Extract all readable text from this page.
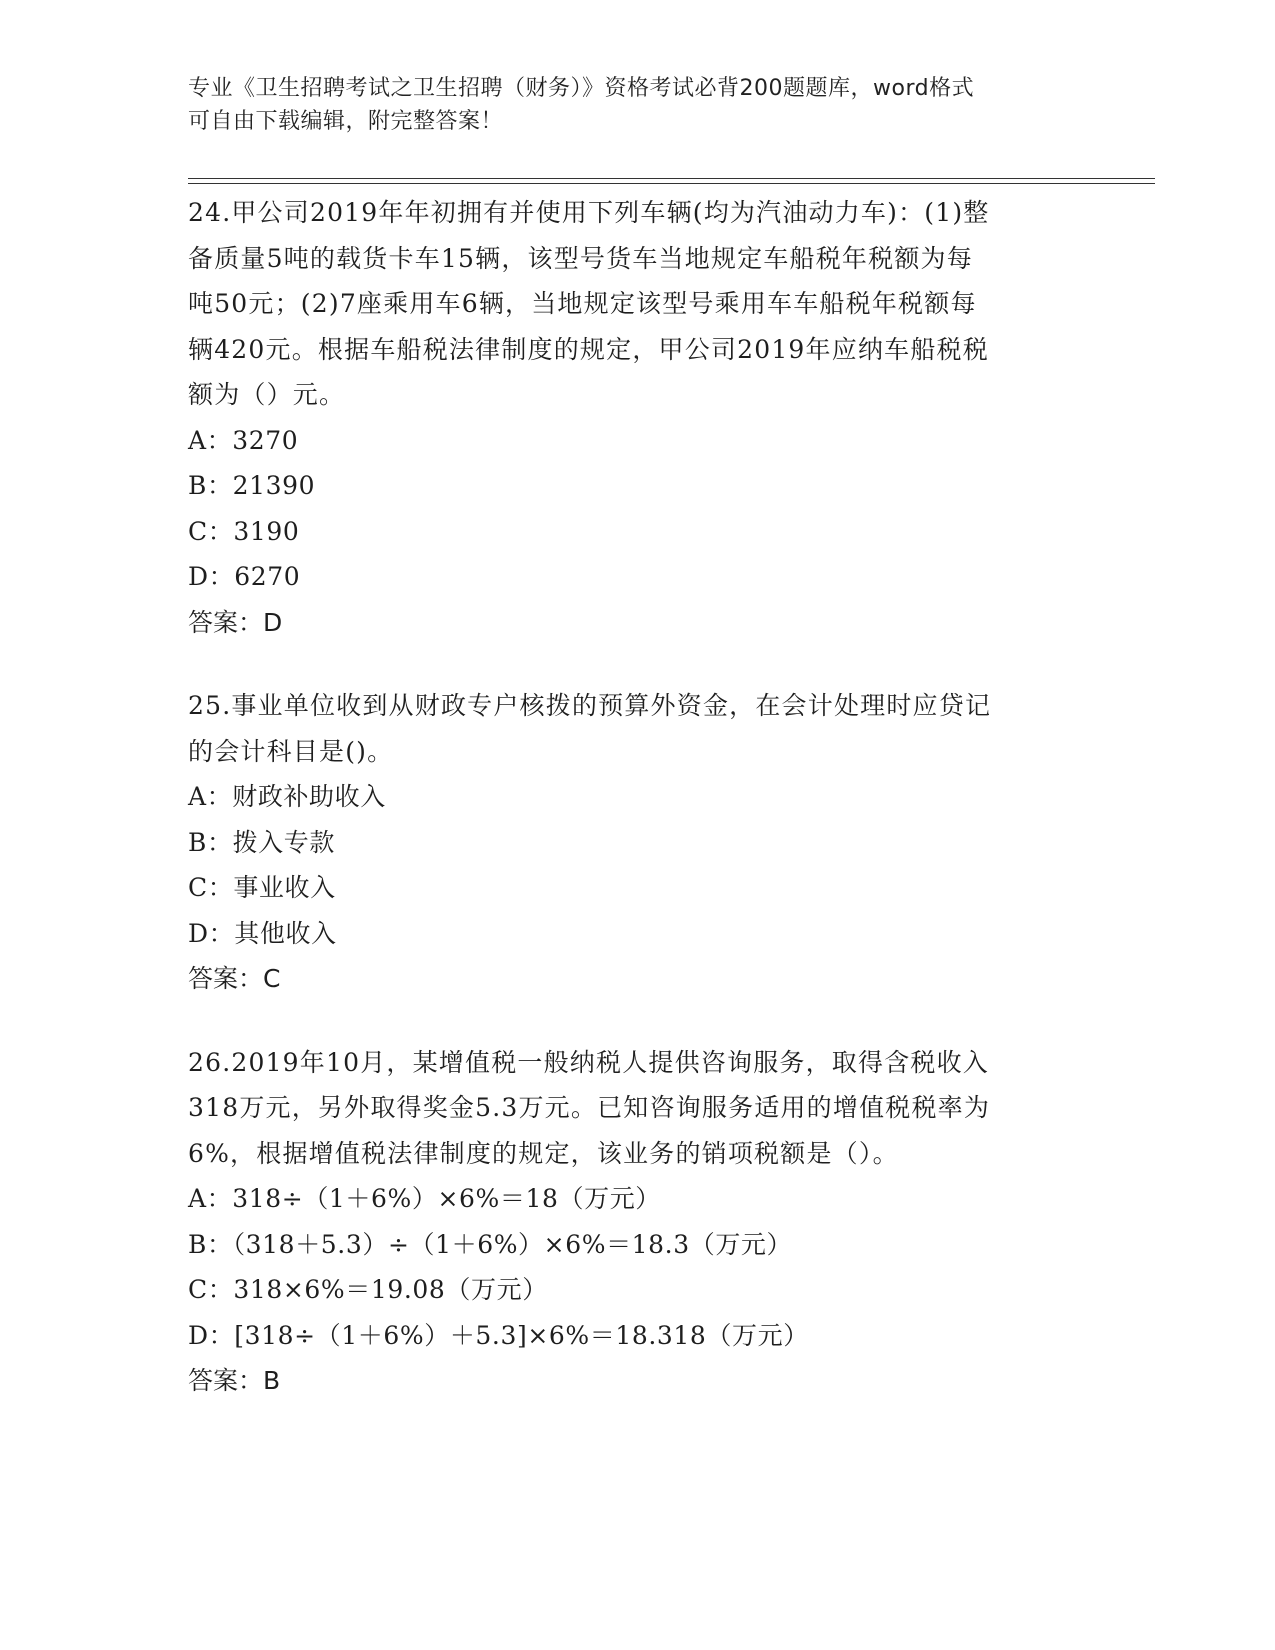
专业《卫生招聘考试之卫生招聘（财务）》资格考试必背200题题库，word格式
可自由下载编辑，附完整答案！
24.甲公司2019年年初拥有并使用下列车辆(均为汽油动力车)：(1)整
备质量5吨的载货卡车15辆，该型号货车当地规定车船税年税额为每
吨50元；(2)7座乘用车6辆，当地规定该型号乘用车车船税年税额每
辆420元。根据车船税法律制度的规定，甲公司2019年应纳车船税税
额为（）元。
A：3270
B：21390
C：3190
D：6270
答案：D
25.事业单位收到从财政专户核拨的预算外资金，在会计处理时应贷记
的会计科目是()。
A：财政补助收入
B：拨入专款
C：事业收入
D：其他收入
答案：C
26.2019年10月，某增值税一般纳税人提供咨询服务，取得含税收入
318万元，另外取得奖金5.3万元。已知咨询服务适用的增值税税率为
6%，根据增值税法律制度的规定，该业务的销项税额是（）。
A：318÷（1＋6%）×6%＝18（万元）
B：（318＋5.3）÷（1＋6%）×6%＝18.3（万元）
C：318×6%＝19.08（万元）
D：[318÷（1＋6%）＋5.3]×6%＝18.318（万元）
答案：B
